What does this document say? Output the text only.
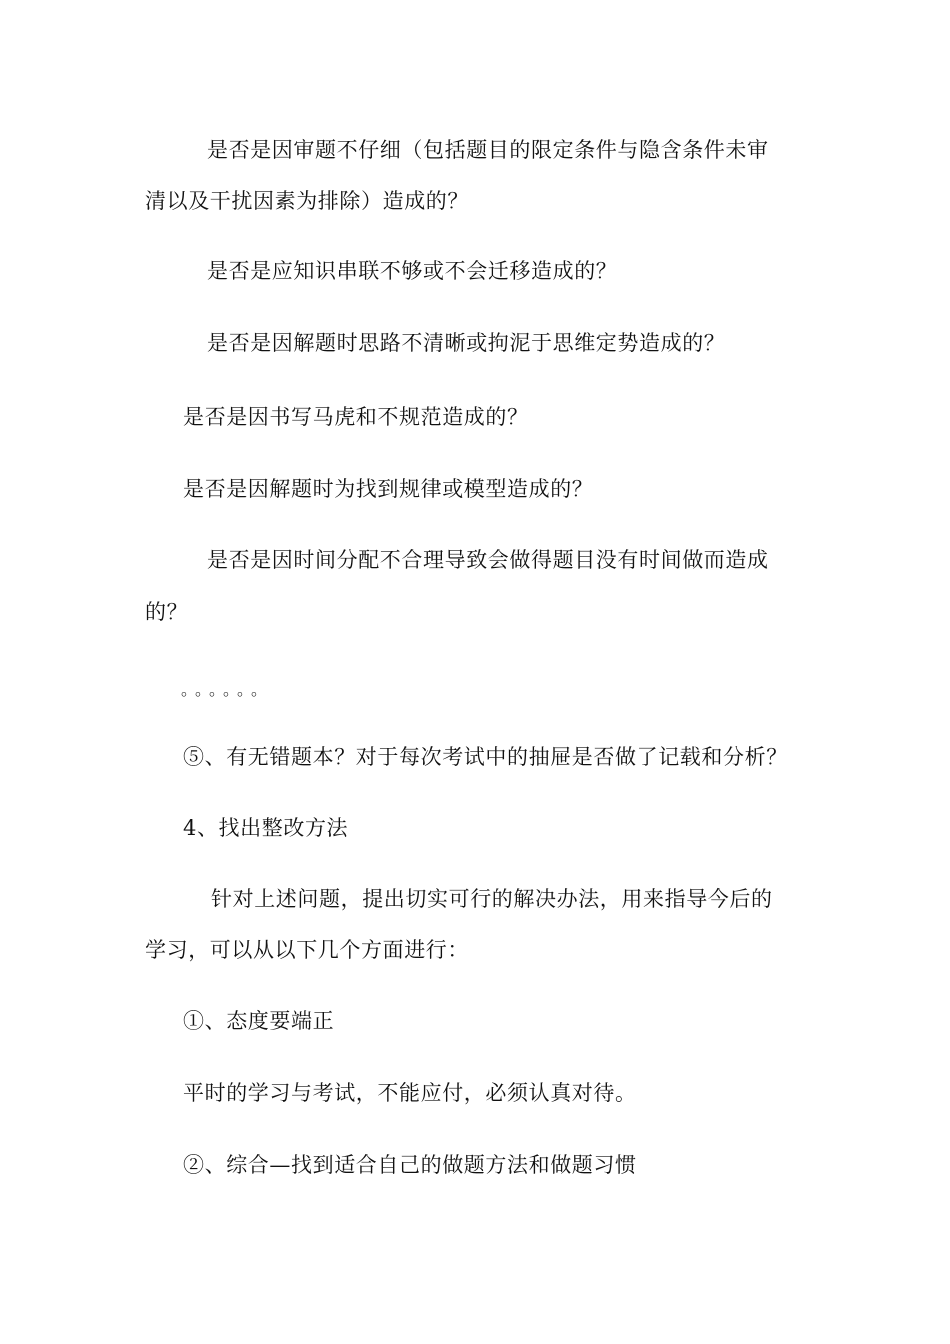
是否是因审题不仔细（包括题目的限定条件与隐含条件未审

清以及干扰因素为排除）造成的？

是否是应知识串联不够或不会迁移造成的？

是否是因解题时思路不清晰或拘泥于思维定势造成的？

是否是因书写马虎和不规范造成的？

是否是因解题时为找到规律或模型造成的？

是否是因时间分配不合理导致会做得题目没有时间做而造成

的？

。。。。。。

⑤、有无错题本？对于每次考试中的抽屉是否做了记载和分析？

4、找出整改方法

针对上述问题，提出切实可行的解决办法，用来指导今后的

学习，可以从以下几个方面进行：

①、态度要端正

平时的学习与考试，不能应付，必须认真对待。

②、综合—找到适合自己的做题方法和做题习惯
